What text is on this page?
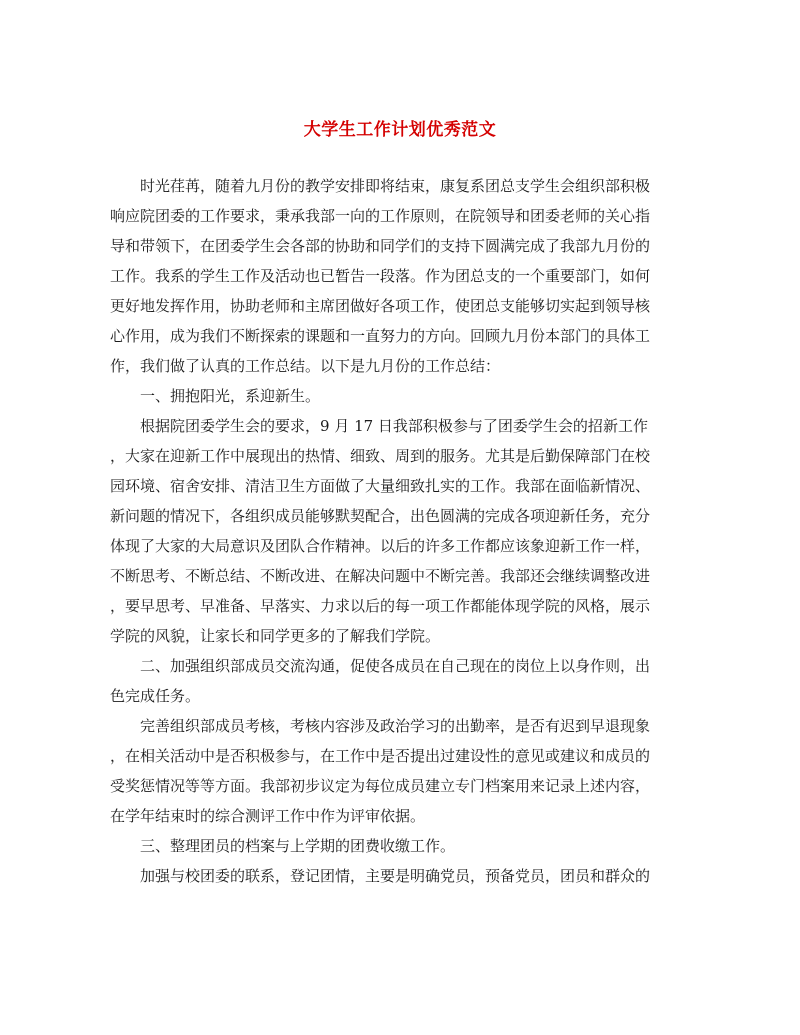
大学生工作计划优秀范文
时光荏苒，随着九月份的教学安排即将结束，康复系团总支学生会组织部积极
响应院团委的工作要求，秉承我部一向的工作原则，在院领导和团委老师的关心指
导和带领下，在团委学生会各部的协助和同学们的支持下圆满完成了我部九月份的
工作。我系的学生工作及活动也已暂告一段落。作为团总支的一个重要部门，如何
更好地发挥作用，协助老师和主席团做好各项工作，使团总支能够切实起到领导核
心作用，成为我们不断探索的课题和一直努力的方向。回顾九月份本部门的具体工
作，我们做了认真的工作总结。以下是九月份的工作总结：
一、拥抱阳光，系迎新生。
根据院团委学生会的要求，9 月 17 日我部积极参与了团委学生会的招新工作
，大家在迎新工作中展现出的热情、细致、周到的服务。尤其是后勤保障部门在校
园环境、宿舍安排、清洁卫生方面做了大量细致扎实的工作。我部在面临新情况、
新问题的情况下，各组织成员能够默契配合，出色圆满的完成各项迎新任务，充分
体现了大家的大局意识及团队合作精神。以后的许多工作都应该象迎新工作一样，
不断思考、不断总结、不断改进、在解决问题中不断完善。我部还会继续调整改进
，要早思考、早准备、早落实、力求以后的每一项工作都能体现学院的风格，展示
学院的风貌，让家长和同学更多的了解我们学院。
二、加强组织部成员交流沟通，促使各成员在自己现在的岗位上以身作则，出
色完成任务。
完善组织部成员考核，考核内容涉及政治学习的出勤率，是否有迟到早退现象
，在相关活动中是否积极参与，在工作中是否提出过建设性的意见或建议和成员的
受奖惩情况等等方面。我部初步议定为每位成员建立专门档案用来记录上述内容，
在学年结束时的综合测评工作中作为评审依据。
三、整理团员的档案与上学期的团费收缴工作。
加强与校团委的联系，登记团情，主要是明确党员，预备党员，团员和群众的
